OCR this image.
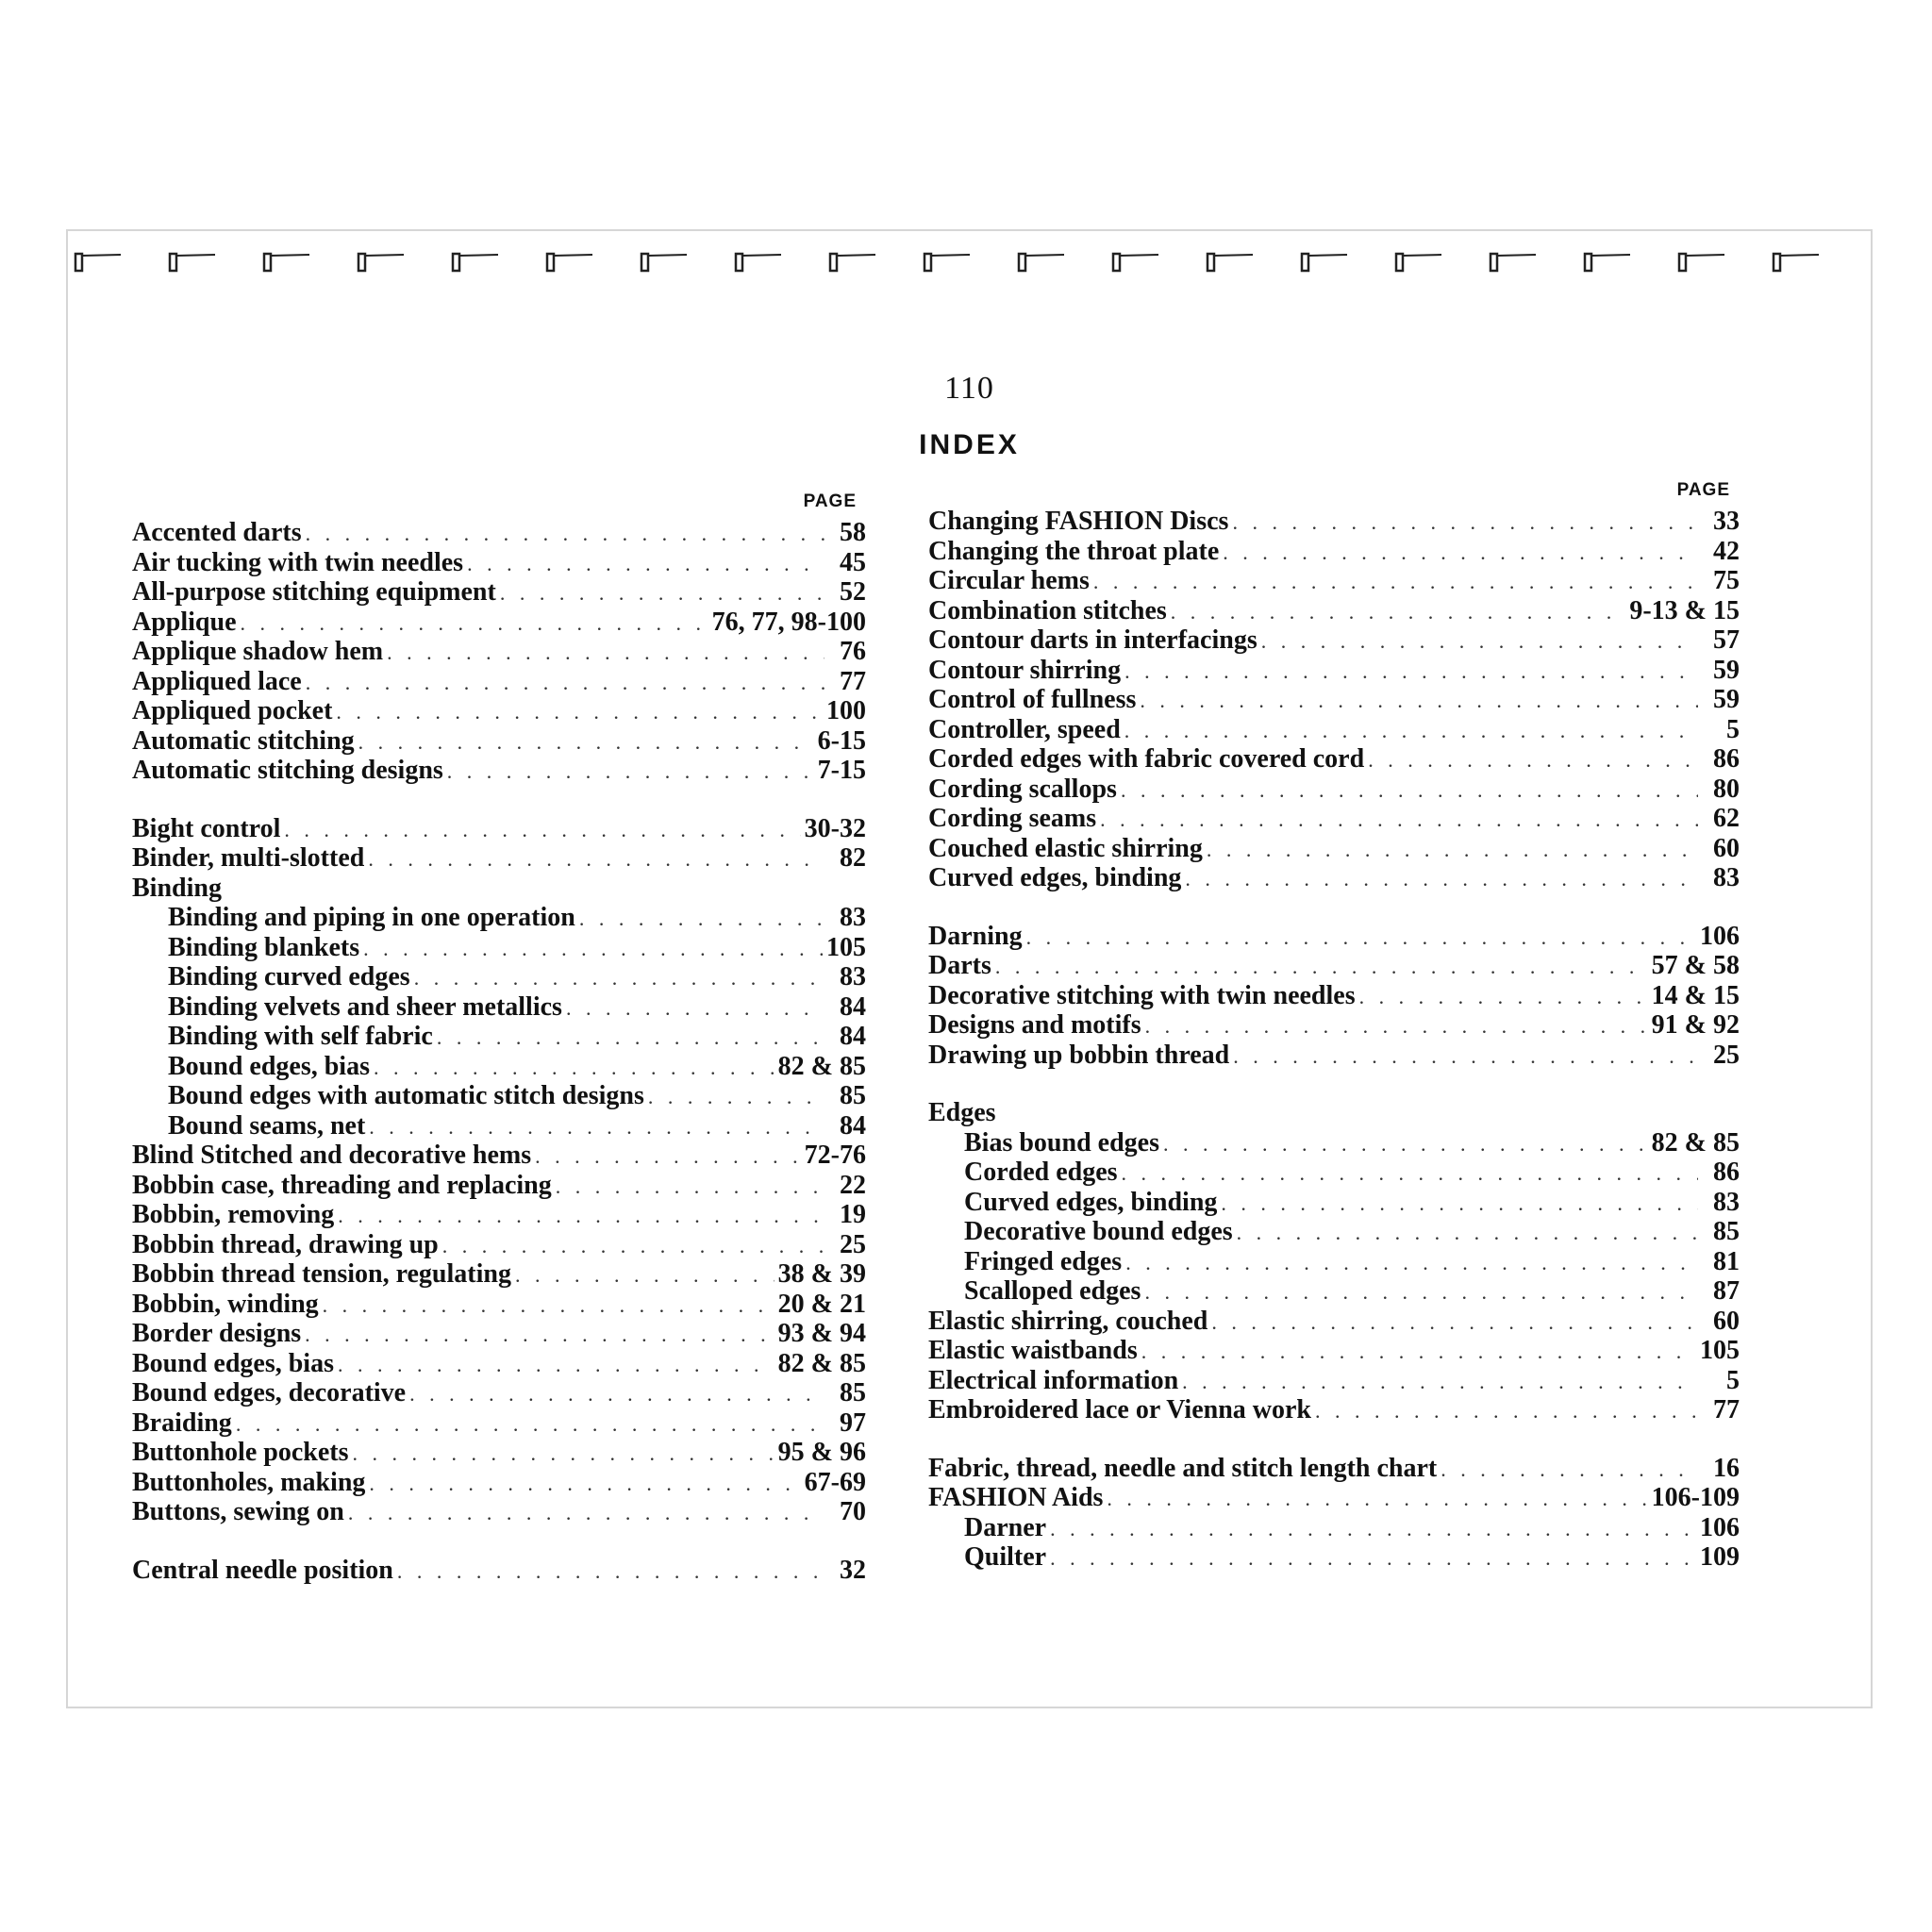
110
INDEX
PAGE
Accented darts . . .	58
Air tucking with twin needles . . .	45
All-purpose stitching equipment . . .	52
Applique . . .	76, 77, 98-100
Applique shadow hem . . .	76
Appliqued lace . . .	77
Appliqued pocket . . .	100
Automatic stitching . . .	6-15
Automatic stitching designs . . .	7-15
Bight control . . .	30-32
Binder, multi-slotted . . .	82
Binding
Binding and piping in one operation . . .	83
Binding blankets . . .	105
Binding curved edges . . .	83
Binding velvets and sheer metallics . . .	84
Binding with self fabric . . .	84
Bound edges, bias . . .	82 & 85
Bound edges with automatic stitch designs . . .	85
Bound seams, net . . .	84
Blind Stitched and decorative hems . . .	72-76
Bobbin case, threading and replacing . . .	22
Bobbin, removing . . .	19
Bobbin thread, drawing up . . .	25
Bobbin thread tension, regulating . . .	38 & 39
Bobbin, winding . . .	20 & 21
Border designs . . .	93 & 94
Bound edges, bias . . .	82 & 85
Bound edges, decorative . . .	85
Braiding . . .	97
Buttonhole pockets . . .	95 & 96
Buttonholes, making . . .	67-69
Buttons, sewing on . . .	70
Central needle position . . .	32
PAGE
Changing FASHION Discs . . .	33
Changing the throat plate . . .	42
Circular hems . . .	75
Combination stitches . . .	9-13 & 15
Contour darts in interfacings . . .	57
Contour shirring . . .	59
Control of fullness . . .	59
Controller, speed . . .	5
Corded edges with fabric covered cord . . .	86
Cording scallops . . .	80
Cording seams . . .	62
Couched elastic shirring . . .	60
Curved edges, binding . . .	83
Darning . . .	106
Darts . . .	57 & 58
Decorative stitching with twin needles . . .	14 & 15
Designs and motifs . . .	91 & 92
Drawing up bobbin thread . . .	25
Edges
Bias bound edges . . .	82 & 85
Corded edges . . .	86
Curved edges, binding . . .	83
Decorative bound edges . . .	85
Fringed edges . . .	81
Scalloped edges . . .	87
Elastic shirring, couched . . .	60
Elastic waistbands . . .	105
Electrical information . . .	5
Embroidered lace or Vienna work . . .	77
Fabric, thread, needle and stitch length chart . . .	16
FASHION Aids . . .	106-109
Darner . . .	106
Quilter . . .	109
